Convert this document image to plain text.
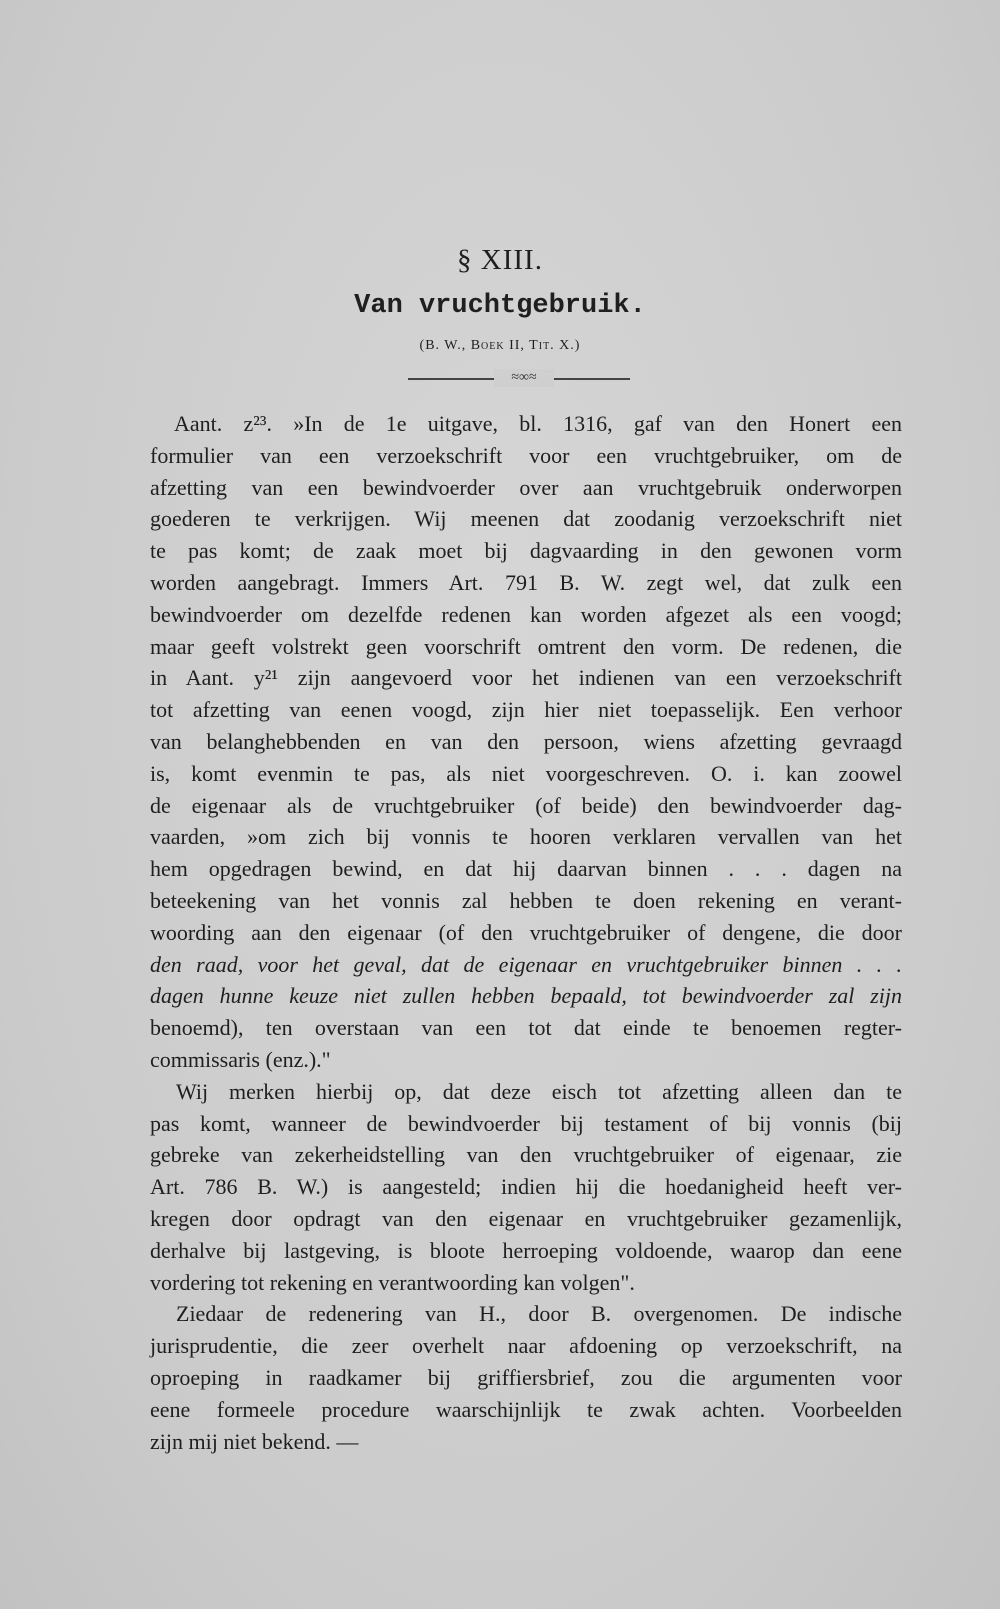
§ XIII.
Van vruchtgebruik.
(B. W., Boek II, Tit. X.)
≈∞≈
Aant. z²³. »In de 1e uitgave, bl. 1316, gaf van den Honert een
formulier van een verzoekschrift voor een vruchtgebruiker, om de
afzetting van een bewindvoerder over aan vruchtgebruik onderworpen
goederen te verkrijgen. Wij meenen dat zoodanig verzoekschrift niet
te pas komt; de zaak moet bij dagvaarding in den gewonen vorm
worden aangebragt. Immers Art. 791 B. W. zegt wel, dat zulk een
bewindvoerder om dezelfde redenen kan worden afgezet als een voogd;
maar geeft volstrekt geen voorschrift omtrent den vorm. De redenen, die
in Aant. y²¹ zijn aangevoerd voor het indienen van een verzoekschrift
tot afzetting van eenen voogd, zijn hier niet toepasselijk. Een verhoor
van belanghebbenden en van den persoon, wiens afzetting gevraagd
is, komt evenmin te pas, als niet voorgeschreven. O. i. kan zoowel
de eigenaar als de vruchtgebruiker (of beide) den bewindvoerder dag-
vaarden, »om zich bij vonnis te hooren verklaren vervallen van het
hem opgedragen bewind, en dat hij daarvan binnen . . . dagen na
beteekening van het vonnis zal hebben te doen rekening en verant-
woording aan den eigenaar (of den vruchtgebruiker of dengene, die door
den raad, voor het geval, dat de eigenaar en vruchtgebruiker binnen . . .
dagen hunne keuze niet zullen hebben bepaald, tot bewindvoerder zal zijn
benoemd), ten overstaan van een tot dat einde te benoemen regter-
commissaris (enz.)."
Wij merken hierbij op, dat deze eisch tot afzetting alleen dan te
pas komt, wanneer de bewindvoerder bij testament of bij vonnis (bij
gebreke van zekerheidstelling van den vruchtgebruiker of eigenaar, zie
Art. 786 B. W.) is aangesteld; indien hij die hoedanigheid heeft ver-
kregen door opdragt van den eigenaar en vruchtgebruiker gezamenlijk,
derhalve bij lastgeving, is bloote herroeping voldoende, waarop dan eene
vordering tot rekening en verantwoording kan volgen".
Ziedaar de redenering van H., door B. overgenomen. De indische
jurisprudentie, die zeer overhelt naar afdoening op verzoekschrift, na
oproeping in raadkamer bij griffiersbrief, zou die argumenten voor
eene formeele procedure waarschijnlijk te zwak achten. Voorbeelden
zijn mij niet bekend. —
